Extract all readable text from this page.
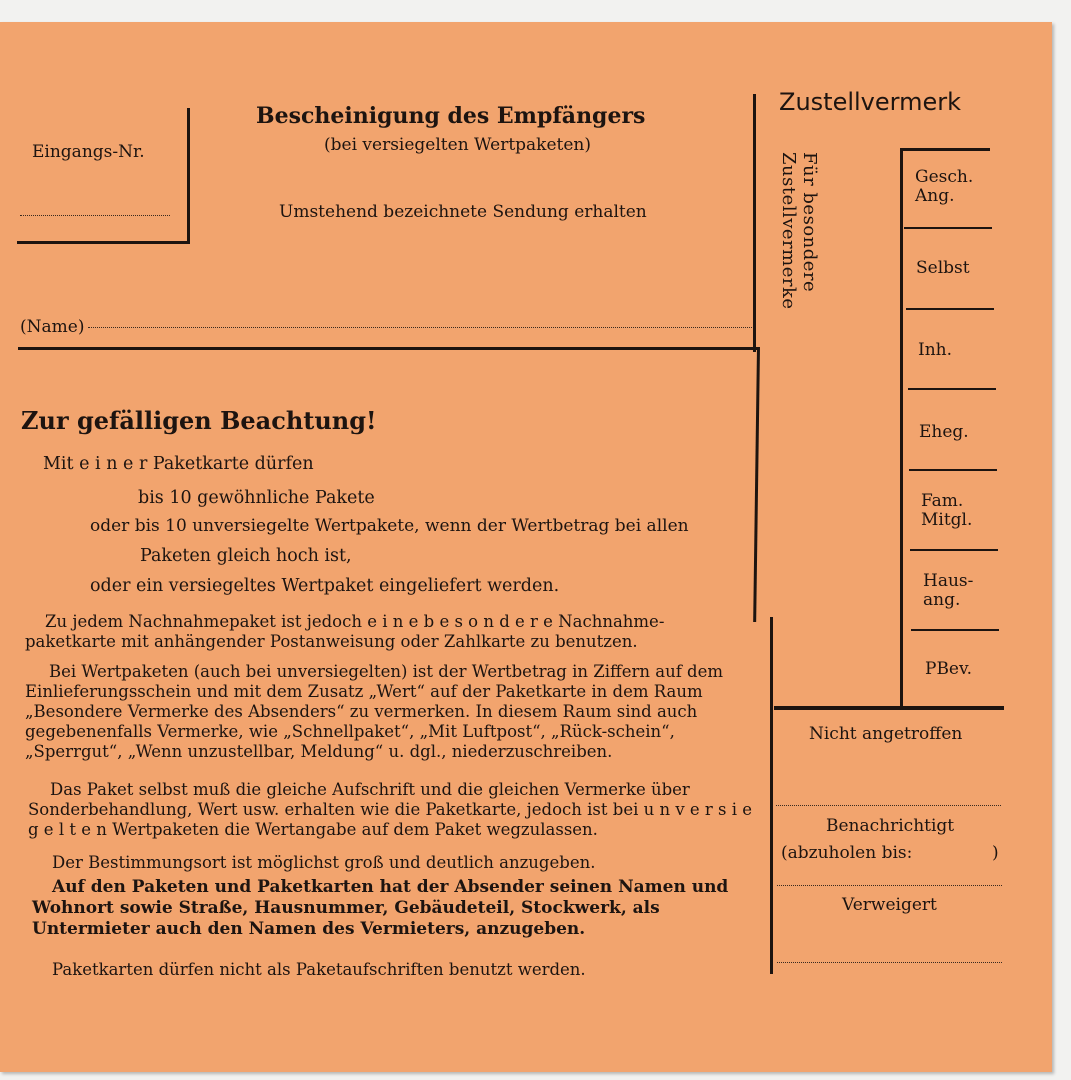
Eingangs-Nr.
Bescheinigung des Empfängers
(bei versiegelten Wertpaketen)
Umstehend bezeichnete Sendung erhalten
(Name)
Zur gefälligen Beachtung!
Mit e i n e r Paketkarte dürfen
bis 10 gewöhnliche Pakete
oder bis 10 unversiegelte Wertpakete, wenn der Wertbetrag bei allen
Paketen gleich hoch ist,
oder ein versiegeltes Wertpaket eingeliefert werden.
Zu jedem Nachnahmepaket ist jedoch e i n e b e s o n d e r e Nachnahme-paketkarte mit anhängender Postanweisung oder Zahlkarte zu benutzen.
Bei Wertpaketen (auch bei unversiegelten) ist der Wertbetrag in Ziffern auf dem Einlieferungsschein und mit dem Zusatz „Wert“ auf der Paketkarte in dem Raum „Besondere Vermerke des Absenders“ zu vermerken. In diesem Raum sind auch gegebenenfalls Vermerke, wie „Schnellpaket“, „Mit Luftpost“, „Rück-schein“, „Sperrgut“, „Wenn unzustellbar, Meldung“ u. dgl., niederzuschreiben.
Das Paket selbst muß die gleiche Aufschrift und die gleichen Vermerke über Sonderbehandlung, Wert usw. erhalten wie die Paketkarte, jedoch ist bei u n v e r s i e g e l t e n Wertpaketen die Wertangabe auf dem Paket wegzulassen.
Der Bestimmungsort ist möglichst groß und deutlich anzugeben.
Auf den Paketen und Paketkarten hat der Absender seinen Namen und Wohnort sowie Straße, Hausnummer, Gebäudeteil, Stockwerk, als Untermieter auch den Namen des Vermieters, anzugeben.
Paketkarten dürfen nicht als Paketaufschriften benutzt werden.
Zustellvermerk
Für besondere Zustellvermerke	Gesch.
Ang.
Selbst
Inh.
Eheg.
Fam.
Mitgl.
Haus-
ang.
PBev.
Nicht angetroffen
Benachrichtigt
(abzuholen bis:	)
Verweigert
